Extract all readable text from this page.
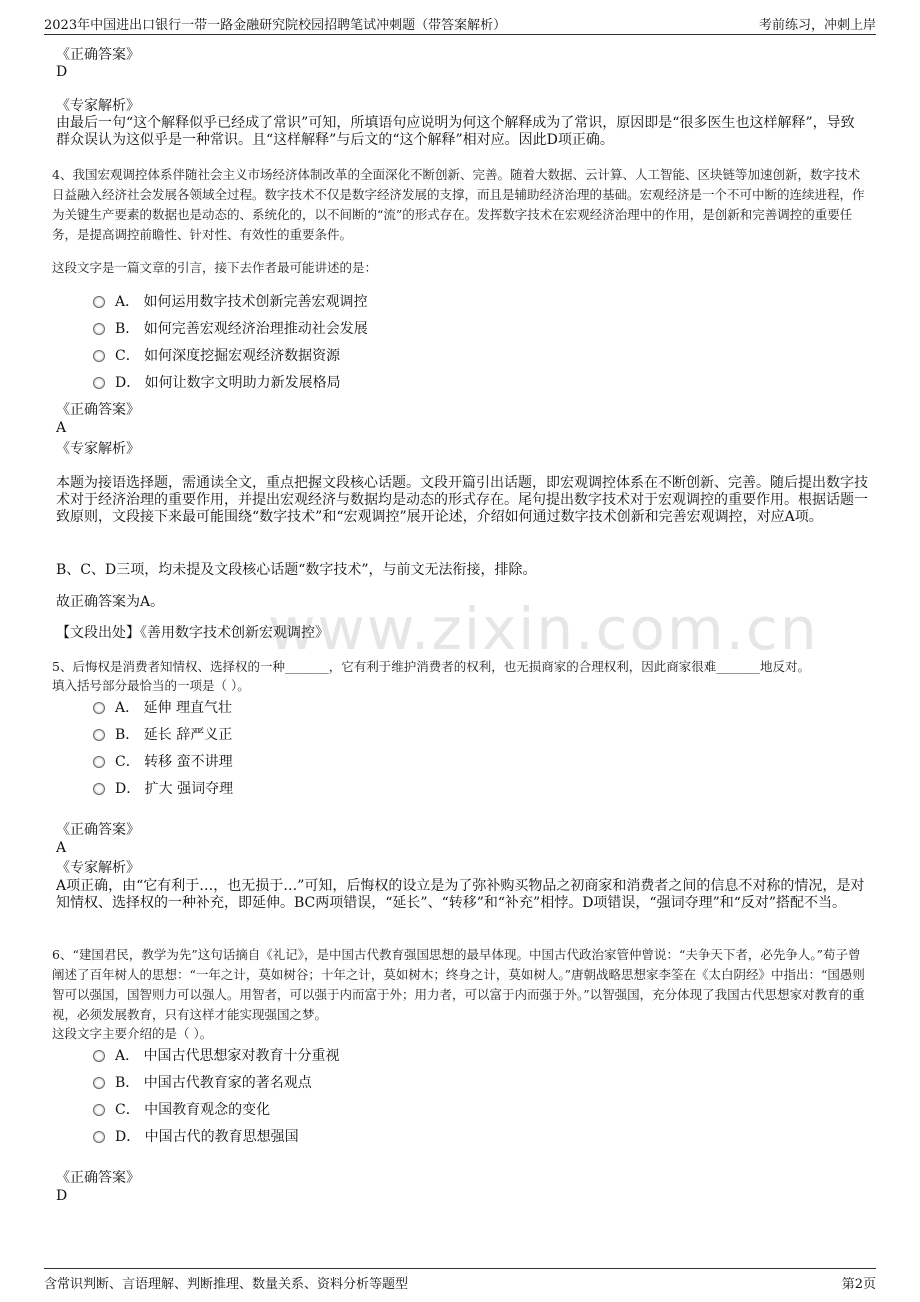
2023年中国进出口银行一带一路金融研究院校园招聘笔试冲刺题（带答案解析）	考前练习，冲刺上岸
www.zixin.com.cn
《正确答案》
D
《专家解析》
由最后一句“这个解释似乎已经成了常识”可知，所填语句应说明为何这个解释成为了常识，原因即是“很多医生也这样解释”，导致群众误认为这似乎是一种常识。且“这样解释”与后文的“这个解释”相对应。因此D项正确。
4、我国宏观调控体系伴随社会主义市场经济体制改革的全面深化不断创新、完善。随着大数据、云计算、人工智能、区块链等加速创新，数字技术日益融入经济社会发展各领域全过程。数字技术不仅是数字经济发展的支撑，而且是辅助经济治理的基础。宏观经济是一个不可中断的连续进程，作为关键生产要素的数据也是动态的、系统化的，以不间断的“流”的形式存在。发挥数字技术在宏观经济治理中的作用，是创新和完善调控的重要任务，是提高调控前瞻性、针对性、有效性的重要条件。
这段文字是一篇文章的引言，接下去作者最可能讲述的是：
A． 如何运用数字技术创新完善宏观调控
B． 如何完善宏观经济治理推动社会发展
C． 如何深度挖掘宏观经济数据资源
D． 如何让数字文明助力新发展格局
《正确答案》
A
《专家解析》
本题为接语选择题，需通读全文，重点把握文段核心话题。文段开篇引出话题，即宏观调控体系在不断创新、完善。随后提出数字技术对于经济治理的重要作用，并提出宏观经济与数据均是动态的形式存在。尾句提出数字技术对于宏观调控的重要作用。根据话题一致原则，文段接下来最可能围绕“数字技术”和“宏观调控”展开论述，介绍如何通过数字技术创新和完善宏观调控，对应A项。
B、C、D三项，均未提及文段核心话题“数字技术”，与前文无法衔接，排除。
故正确答案为A。
【文段出处】《善用数字技术创新宏观调控》
5、后悔权是消费者知情权、选择权的一种_______，它有利于维护消费者的权利，也无损商家的合理权利，因此商家很难_______地反对。
填入括号部分最恰当的一项是（ ）。
A． 延伸 理直气壮
B． 延长 辞严义正
C． 转移 蛮不讲理
D． 扩大 强词夺理
《正确答案》
A
《专家解析》
A项正确，由“它有利于…，也无损于…”可知，后悔权的设立是为了弥补购买物品之初商家和消费者之间的信息不对称的情况，是对知情权、选择权的一种补充，即延伸。BC两项错误，“延长”、“转移”和“补充”相悖。D项错误，“强词夺理”和“反对”搭配不当。
6、“建国君民，教学为先”这句话摘自《礼记》，是中国古代教育强国思想的最早体现。中国古代政治家管仲曾说：“夫争天下者，必先争人。”荀子曾阐述了百年树人的思想：“一年之计，莫如树谷；十年之计，莫如树木；终身之计，莫如树人。”唐朝战略思想家李筌在《太白阴经》中指出：“国愚则智可以强国，国智则力可以强人。用智者，可以强于内而富于外；用力者，可以富于内而强于外。”以智强国，充分体现了我国古代思想家对教育的重视，必须发展教育，只有这样才能实现强国之梦。
这段文字主要介绍的是（ ）。
A． 中国古代思想家对教育十分重视
B． 中国古代教育家的著名观点
C． 中国教育观念的变化
D． 中国古代的教育思想强国
《正确答案》
D
含常识判断、言语理解、判断推理、数量关系、资料分析等题型	第2页
